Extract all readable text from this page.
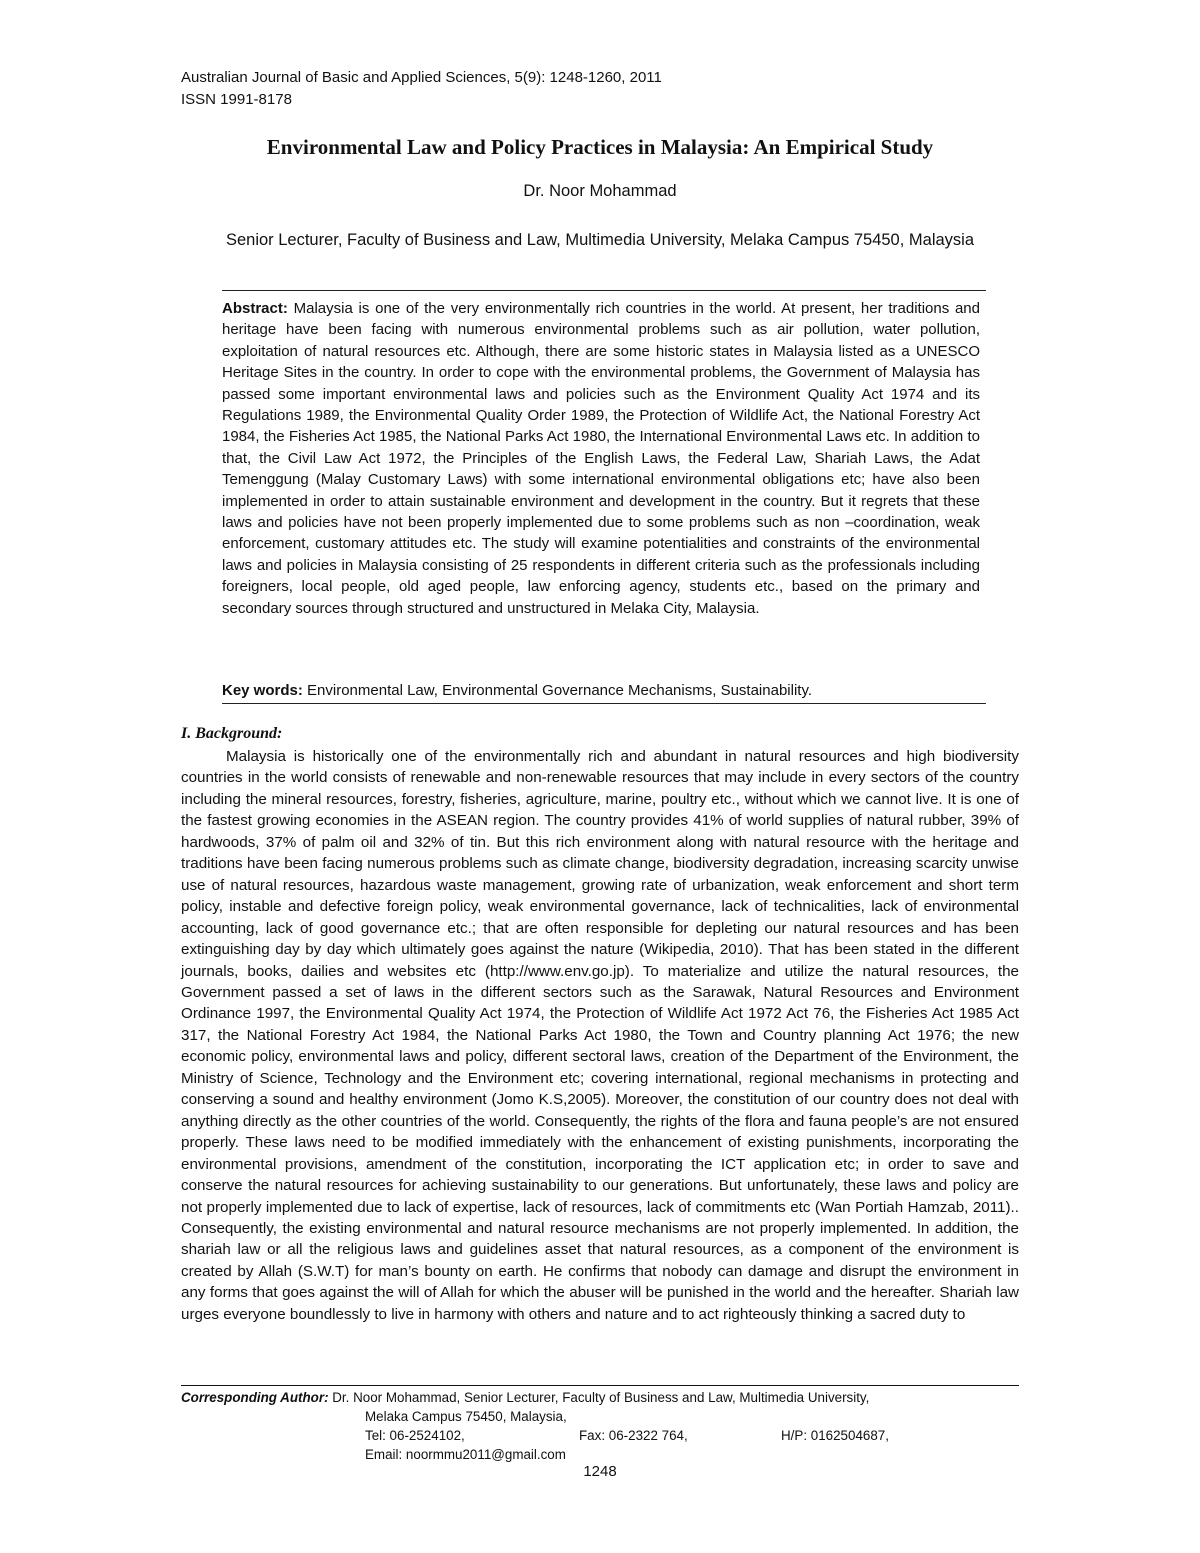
Australian Journal of Basic and Applied Sciences, 5(9): 1248-1260, 2011
ISSN 1991-8178
Environmental Law and Policy Practices in Malaysia: An Empirical Study
Dr. Noor Mohammad
Senior Lecturer, Faculty of Business and Law, Multimedia University, Melaka Campus 75450, Malaysia
Abstract: Malaysia is one of the very environmentally rich countries in the world. At present, her traditions and heritage have been facing with numerous environmental problems such as air pollution, water pollution, exploitation of natural resources etc. Although, there are some historic states in Malaysia listed as a UNESCO Heritage Sites in the country. In order to cope with the environmental problems, the Government of Malaysia has passed some important environmental laws and policies such as the Environment Quality Act 1974 and its Regulations 1989, the Environmental Quality Order 1989, the Protection of Wildlife Act, the National Forestry Act 1984, the Fisheries Act 1985, the National Parks Act 1980, the International Environmental Laws etc. In addition to that, the Civil Law Act 1972, the Principles of the English Laws, the Federal Law, Shariah Laws, the Adat Temenggung (Malay Customary Laws) with some international environmental obligations etc; have also been implemented in order to attain sustainable environment and development in the country. But it regrets that these laws and policies have not been properly implemented due to some problems such as non –coordination, weak enforcement, customary attitudes etc. The study will examine potentialities and constraints of the environmental laws and policies in Malaysia consisting of 25 respondents in different criteria such as the professionals including foreigners, local people, old aged people, law enforcing agency, students etc., based on the primary and secondary sources through structured and unstructured in Melaka City, Malaysia.
Key words: Environmental Law, Environmental Governance Mechanisms, Sustainability.
I. Background:
Malaysia is historically one of the environmentally rich and abundant in natural resources and high biodiversity countries in the world consists of renewable and non-renewable resources that may include in every sectors of the country including the mineral resources, forestry, fisheries, agriculture, marine, poultry etc., without which we cannot live. It is one of the fastest growing economies in the ASEAN region. The country provides 41% of world supplies of natural rubber, 39% of hardwoods, 37% of palm oil and 32% of tin. But this rich environment along with natural resource with the heritage and traditions have been facing numerous problems such as climate change, biodiversity degradation, increasing scarcity unwise use of natural resources, hazardous waste management, growing rate of urbanization, weak enforcement and short term policy, instable and defective foreign policy, weak environmental governance, lack of technicalities, lack of environmental accounting, lack of good governance etc.; that are often responsible for depleting our natural resources and has been extinguishing day by day which ultimately goes against the nature (Wikipedia, 2010). That has been stated in the different journals, books, dailies and websites etc (http://www.env.go.jp). To materialize and utilize the natural resources, the Government passed a set of laws in the different sectors such as the Sarawak, Natural Resources and Environment Ordinance 1997, the Environmental Quality Act 1974, the Protection of Wildlife Act 1972 Act 76, the Fisheries Act 1985 Act 317, the National Forestry Act 1984, the National Parks Act 1980, the Town and Country planning Act 1976; the new economic policy, environmental laws and policy, different sectoral laws, creation of the Department of the Environment, the Ministry of Science, Technology and the Environment etc; covering international, regional mechanisms in protecting and conserving a sound and healthy environment (Jomo K.S,2005). Moreover, the constitution of our country does not deal with anything directly as the other countries of the world. Consequently, the rights of the flora and fauna people’s are not ensured properly. These laws need to be modified immediately with the enhancement of existing punishments, incorporating the environmental provisions, amendment of the constitution, incorporating the ICT application etc; in order to save and conserve the natural resources for achieving sustainability to our generations. But unfortunately, these laws and policy are not properly implemented due to lack of expertise, lack of resources, lack of commitments etc (Wan Portiah Hamzab, 2011).. Consequently, the existing environmental and natural resource mechanisms are not properly implemented. In addition, the shariah law or all the religious laws and guidelines asset that natural resources, as a component of the environment is created by Allah (S.W.T) for man’s bounty on earth. He confirms that nobody can damage and disrupt the environment in any forms that goes against the will of Allah for which the abuser will be punished in the world and the hereafter. Shariah law urges everyone boundlessly to live in harmony with others and nature and to act righteously thinking a sacred duty to
Corresponding Author: Dr. Noor Mohammad, Senior Lecturer, Faculty of Business and Law, Multimedia University,
Melaka Campus 75450, Malaysia,
Tel: 06-2524102,	Fax: 06-2322 764,	H/P: 0162504687,
Email: noormmu2011@gmail.com
1248
